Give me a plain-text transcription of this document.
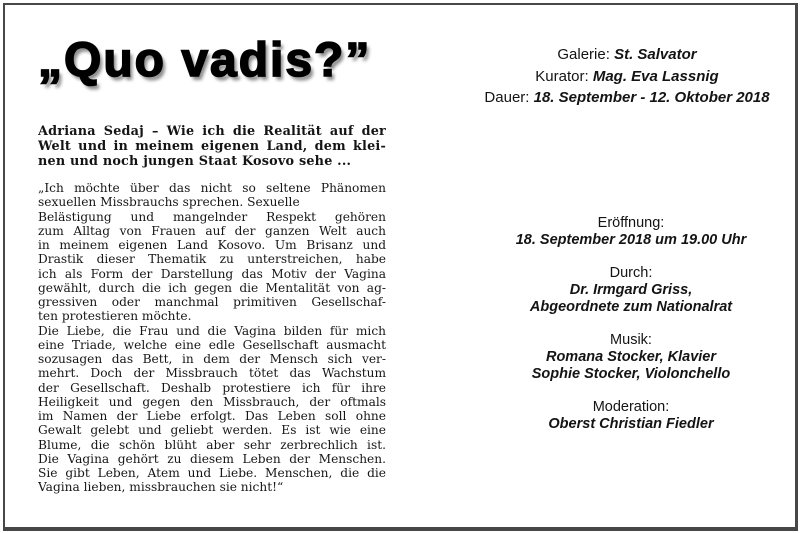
„Quo vadis?”
Adriana Sedaj – Wie ich die Realität auf der
Welt und in meinem eigenen Land, dem klei-
nen und noch jungen Staat Kosovo sehe ...
„Ich möchte über das nicht so seltene Phänomen
sexuellen Missbrauchs sprechen. Sexuelle
Belästigung und mangelnder Respekt gehören
zum Alltag von Frauen auf der ganzen Welt auch
in meinem eigenen Land Kosovo. Um Brisanz und
Drastik dieser Thematik zu unterstreichen, habe
ich als Form der Darstellung das Motiv der Vagina
gewählt, durch die ich gegen die Mentalität von ag-
gressiven oder manchmal primitiven Gesellschaf-
ten protestieren möchte.
Die Liebe, die Frau und die Vagina bilden für mich
eine Triade, welche eine edle Gesellschaft ausmacht
sozusagen das Bett, in dem der Mensch sich ver-
mehrt. Doch der Missbrauch tötet das Wachstum
der Gesellschaft. Deshalb protestiere ich für ihre
Heiligkeit und gegen den Missbrauch, der oftmals
im Namen der Liebe erfolgt. Das Leben soll ohne
Gewalt gelebt und geliebt werden. Es ist wie eine
Blume, die schön blüht aber sehr zerbrechlich ist.
Die Vagina gehört zu diesem Leben der Menschen.
Sie gibt Leben, Atem und Liebe. Menschen, die die
Vagina lieben, missbrauchen sie nicht!“
Galerie: St. Salvator
Kurator: Mag. Eva Lassnig
Dauer: 18. September - 12. Oktober 2018
Eröffnung:
18. September 2018 um 19.00 Uhr
Durch:
Dr. Irmgard Griss,
Abgeordnete zum Nationalrat
Musik:
Romana Stocker, Klavier
Sophie Stocker, Violonchello
Moderation:
Oberst Christian Fiedler
